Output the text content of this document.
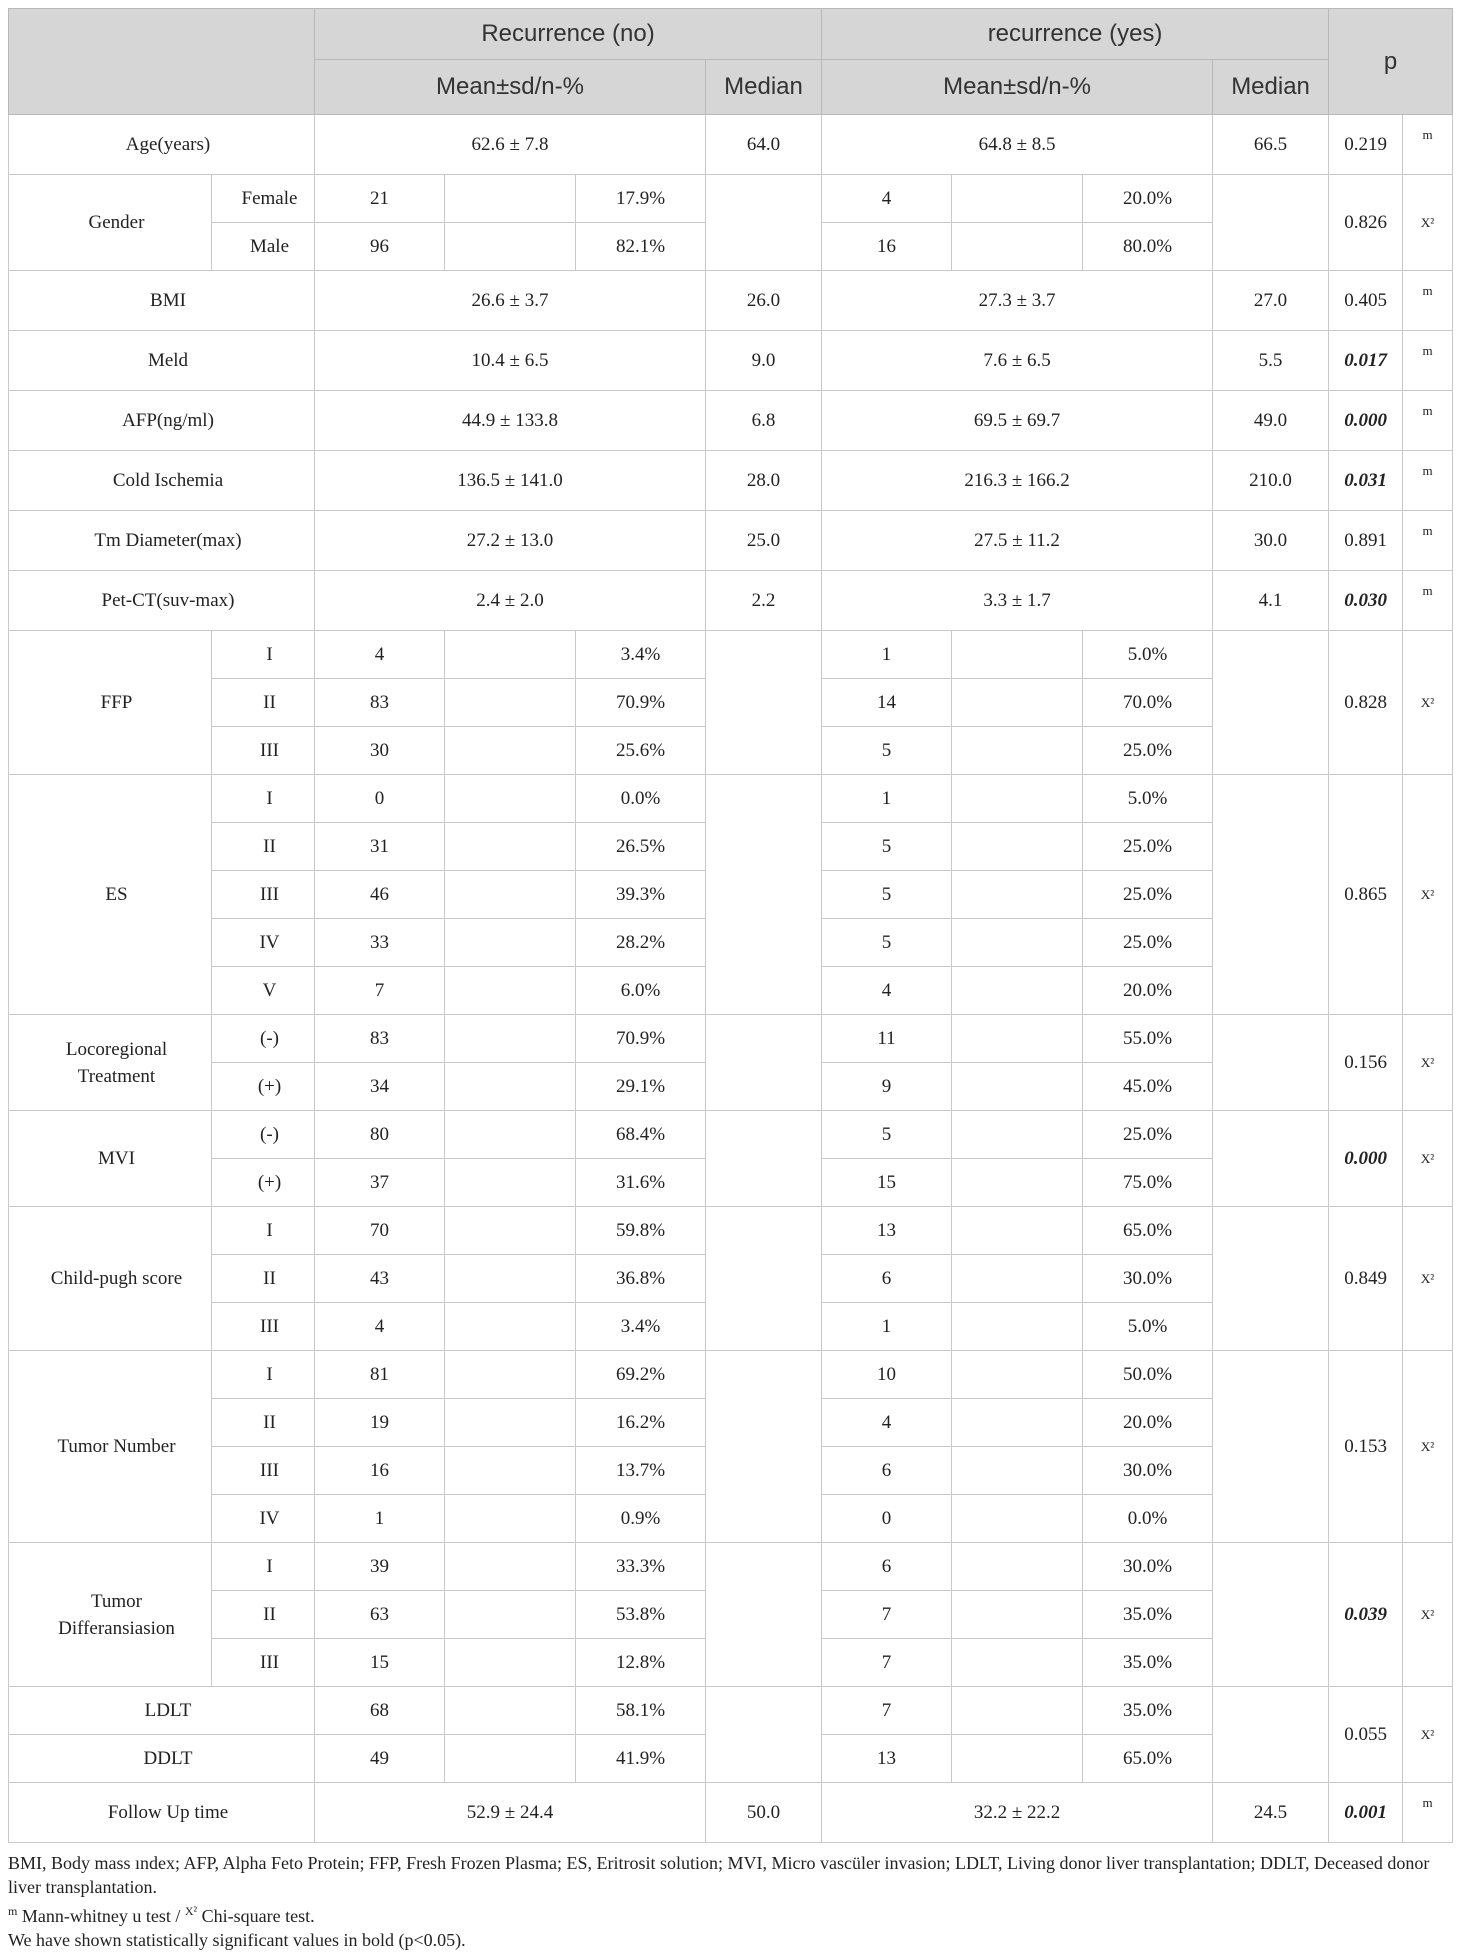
		Recurrence (no)				recurrence (yes)				p	
		Mean±sd/n-%			Median	Mean±sd/n-%			Median		
Age(years)		62.6 ± 7.8			64.0	64.8 ± 8.5			66.5	0.219	m
Gender	Female	21		17.9%		4		20.0%		0.826	X²
	Male	96		82.1%		16		80.0%			
BMI		26.6 ± 3.7			26.0	27.3 ± 3.7			27.0	0.405	m
Meld		10.4 ± 6.5			9.0	7.6 ± 6.5			5.5	0.017	m
AFP(ng/ml)		44.9 ± 133.8			6.8	69.5 ± 69.7			49.0	0.000	m
Cold Ischemia		136.5 ± 141.0			28.0	216.3 ± 166.2			210.0	0.031	m
Tm Diameter(max)		27.2 ± 13.0			25.0	27.5 ± 11.2			30.0	0.891	m
Pet-CT(suv-max)		2.4 ± 2.0			2.2	3.3 ± 1.7			4.1	0.030	m
FFP	I	4		3.4%		1		5.0%		0.828	X²
	II	83		70.9%		14		70.0%			
	III	30		25.6%		5		25.0%			
ES	I	0		0.0%		1		5.0%		0.865	X²
	II	31		26.5%		5		25.0%			
	III	46		39.3%		5		25.0%			
	IV	33		28.2%		5		25.0%			
	V	7		6.0%		4		20.0%			
Locoregional
Treatment	(-)	83		70.9%		11		55.0%		0.156	X²
	(+)	34		29.1%		9		45.0%			
MVI	(-)	80		68.4%		5		25.0%		0.000	X²
	(+)	37		31.6%		15		75.0%			
Child-pugh score	I	70		59.8%		13		65.0%		0.849	X²
	II	43		36.8%		6		30.0%			
	III	4		3.4%		1		5.0%			
Tumor Number	I	81		69.2%		10		50.0%		0.153	X²
	II	19		16.2%		4		20.0%			
	III	16		13.7%		6		30.0%			
	IV	1		0.9%		0		0.0%			
Tumor
Differansiasion	I	39		33.3%		6		30.0%		0.039	X²
	II	63		53.8%		7		35.0%			
	III	15		12.8%		7		35.0%			
LDLT		68		58.1%		7		35.0%		0.055	X²
DDLT		49		41.9%		13		65.0%			
Follow Up time		52.9 ± 24.4			50.0	32.2 ± 22.2			24.5	0.001	m

BMI, Body mass ındex; AFP, Alpha Feto Protein; FFP, Fresh Frozen Plasma; ES, Eritrosit solution; MVI, Micro vascüler invasion; LDLT, Living donor liver transplantation; DDLT, Deceased donor liver transplantation.

$^m$ Mann-whitney u test / $^{X^2}$ Chi-square test.

We have shown statistically significant values in bold (p<0.05).
